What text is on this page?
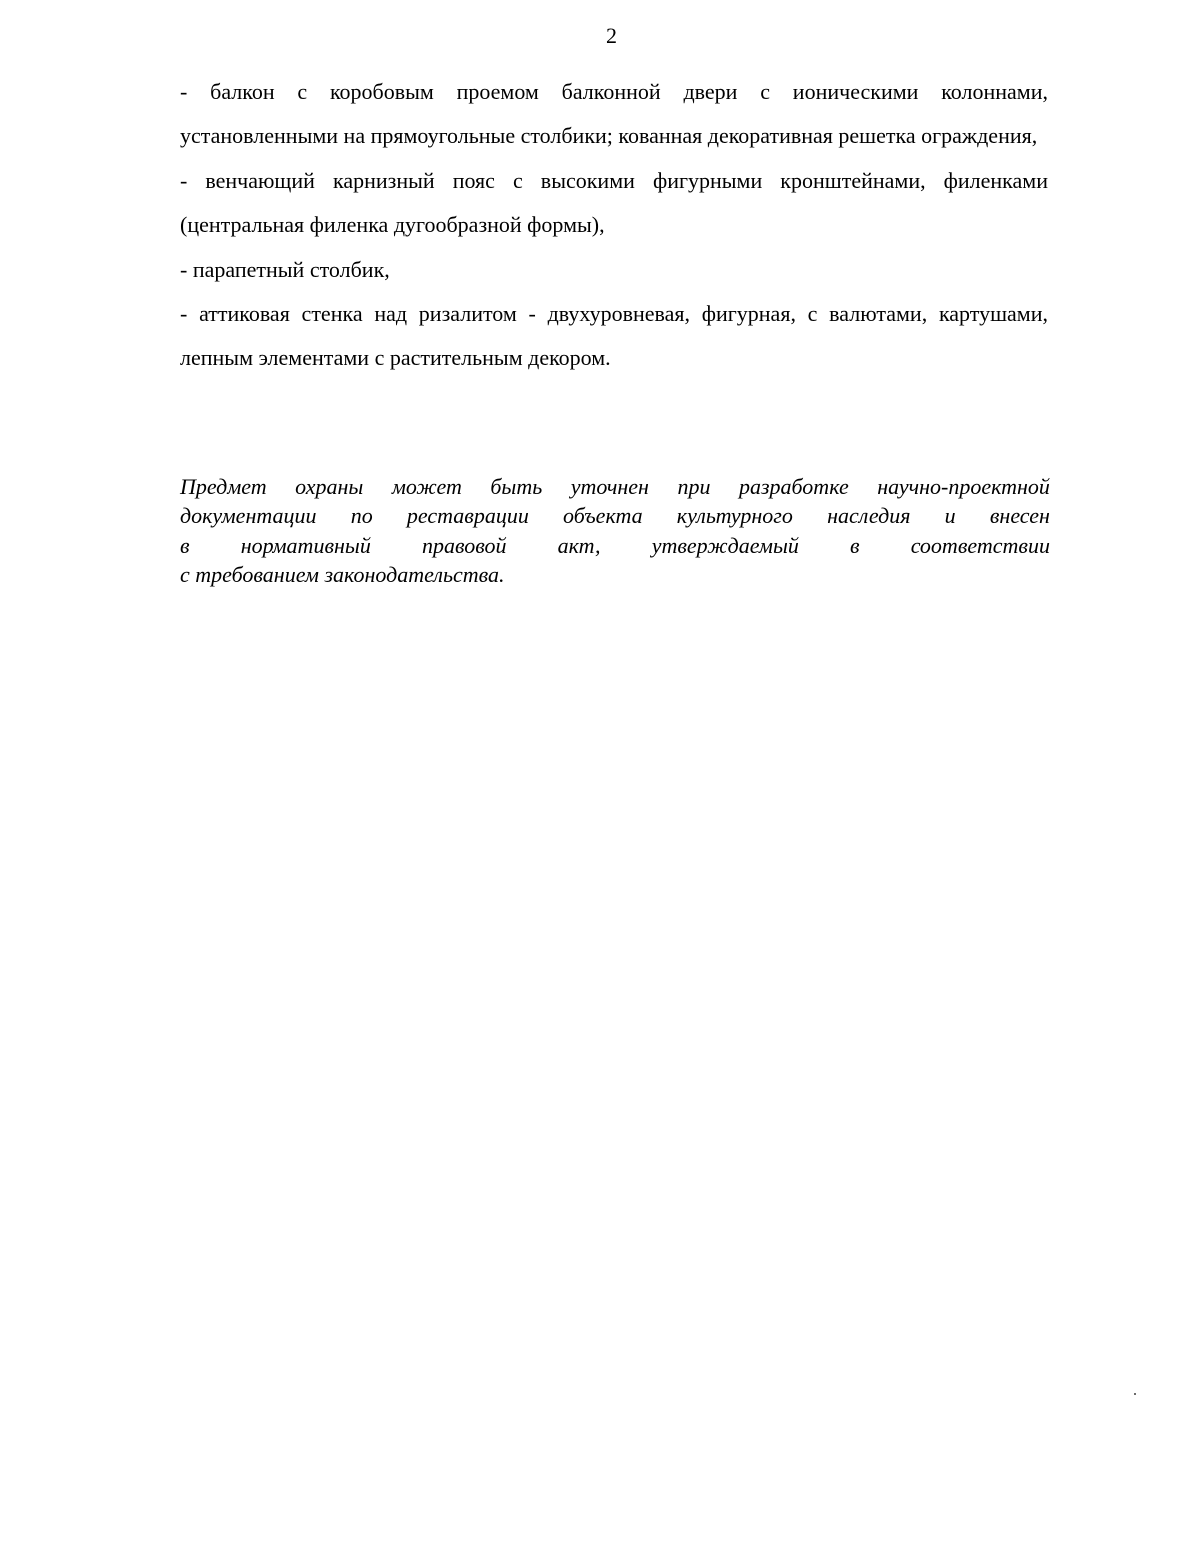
2

- балкон с коробовым проемом балконной двери с ионическими колоннами, установленными на прямоугольные столбики; кованная декоративная решетка ограждения,

- венчающий карнизный пояс с высокими фигурными кронштейнами, филенками (центральная филенка дугообразной формы),

- парапетный столбик,

- аттиковая стенка над ризалитом - двухуровневая, фигурная, с валютами, картушами, лепным элементами с растительным декором.

Предмет охраны может быть уточнен при разработке научно-проектной
документации по реставрации объекта культурного наследия и внесен
в нормативный правовой акт, утверждаемый в соответствии
с требованием законодательства.
